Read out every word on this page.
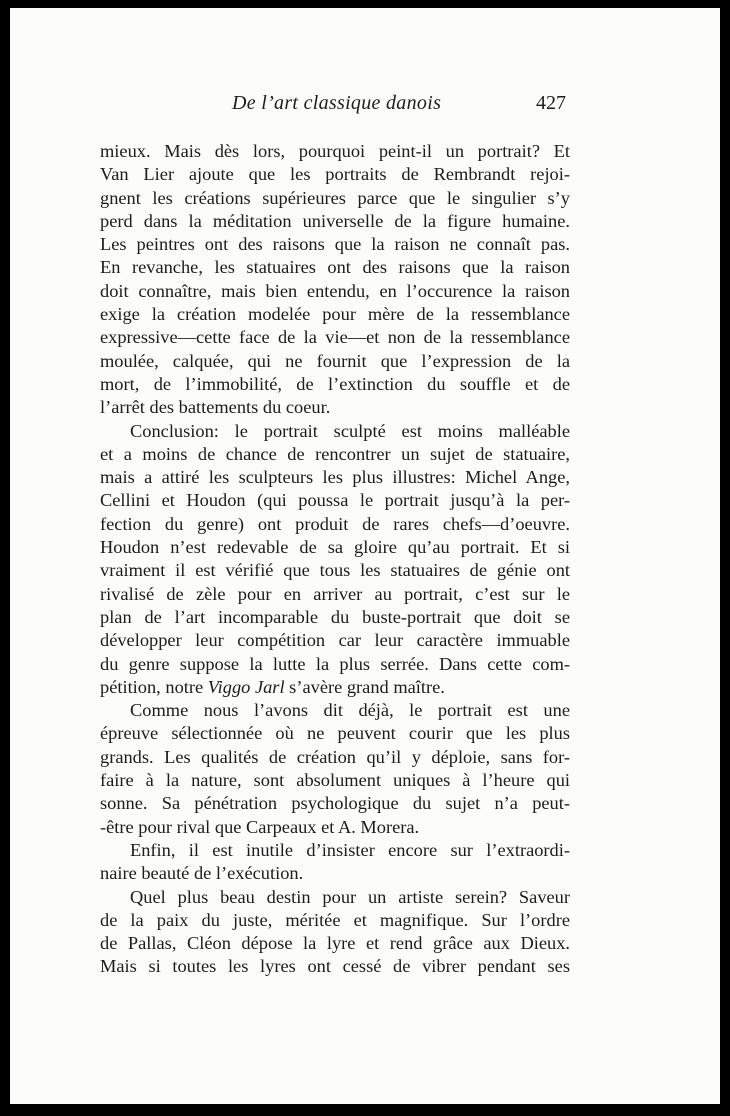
De l’art classique danois	427
mieux. Mais dès lors, pourquoi peint-il un portrait? Et
Van Lier ajoute que les portraits de Rembrandt rejoi-
gnent les créations supérieures parce que le singulier s’y
perd dans la méditation universelle de la figure humaine.
Les peintres ont des raisons que la raison ne connaît pas.
En revanche, les statuaires ont des raisons que la raison
doit connaître, mais bien entendu, en l’occurence la raison
exige la création modelée pour mère de la ressemblance
expressive—cette face de la vie—et non de la ressemblance
moulée, calquée, qui ne fournit que l’expression de la
mort, de l’immobilité, de l’extinction du souffle et de
l’arrêt des battements du coeur.
Conclusion: le portrait sculpté est moins malléable
et a moins de chance de rencontrer un sujet de statuaire,
mais a attiré les sculpteurs les plus illustres: Michel Ange,
Cellini et Houdon (qui poussa le portrait jusqu’à la per-
fection du genre) ont produit de rares chefs—d’oeuvre.
Houdon n’est redevable de sa gloire qu’au portrait. Et si
vraiment il est vérifié que tous les statuaires de génie ont
rivalisé de zèle pour en arriver au portrait, c’est sur le
plan de l’art incomparable du buste-portrait que doit se
développer leur compétition car leur caractère immuable
du genre suppose la lutte la plus serrée. Dans cette com-
pétition, notre Viggo Jarl s’avère grand maître.
Comme nous l’avons dit déjà, le portrait est une
épreuve sélectionnée où ne peuvent courir que les plus
grands. Les qualités de création qu’il y déploie, sans for-
faire à la nature, sont absolument uniques à l’heure qui
sonne. Sa pénétration psychologique du sujet n’a peut-
-être pour rival que Carpeaux et A. Morera.
Enfin, il est inutile d’insister encore sur l’extraordi-
naire beauté de l’exécution.
Quel plus beau destin pour un artiste serein? Saveur
de la paix du juste, méritée et magnifique. Sur l’ordre
de Pallas, Cléon dépose la lyre et rend grâce aux Dieux.
Mais si toutes les lyres ont cessé de vibrer pendant ses
